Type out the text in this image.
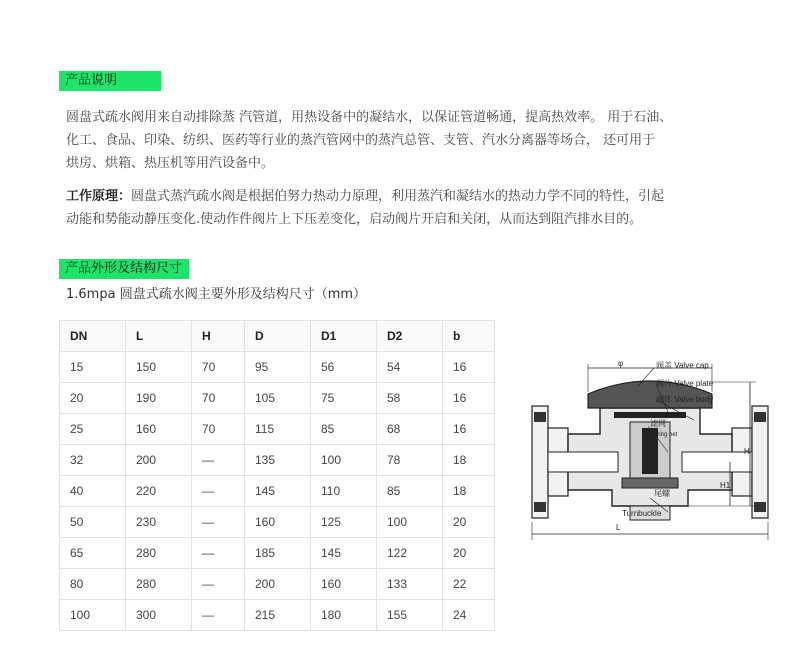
产品说明
圆盘式疏水阀用来自动排除蒸 汽管道，用热设备中的凝结水，以保证管道畅通，提高热效率。 用于石油、
化工、食品、印染、纺织、医药等行业的蒸汽管网中的蒸汽总管、支管、汽水分离器等场合， 还可用于
烘房、烘箱、热压机等用汽设备中。
工作原理：圆盘式蒸汽疏水阀是根据伯努力热动力原理，利用蒸汽和凝结水的热动力学不同的特性，引起
动能和势能动静压变化.使动作件阀片上下压差变化，启动阀片开启和关闭，从而达到阻汽排水目的。
产品外形及结构尺寸
1.6mpa 圆盘式疏水阀主要外形及结构尺寸（mm）
DN	L	H	D	D1	D2	b
15	150	70	95	56	54	16
20	190	70	105	75	58	16
25	160	70	115	85	68	16
32	200	—	135	100	78	18
40	220	—	145	110	85	18
50	230	—	160	125	100	20
65	280	—	185	145	122	20
80	280	—	200	160	133	22
100	300	—	215	180	155	24
φ
H
H1
L
阀盖 Valve cap
阀片 Valve plate
阀体 Valve body
滤网
Filtering net
尾螺
Turnbuckle
